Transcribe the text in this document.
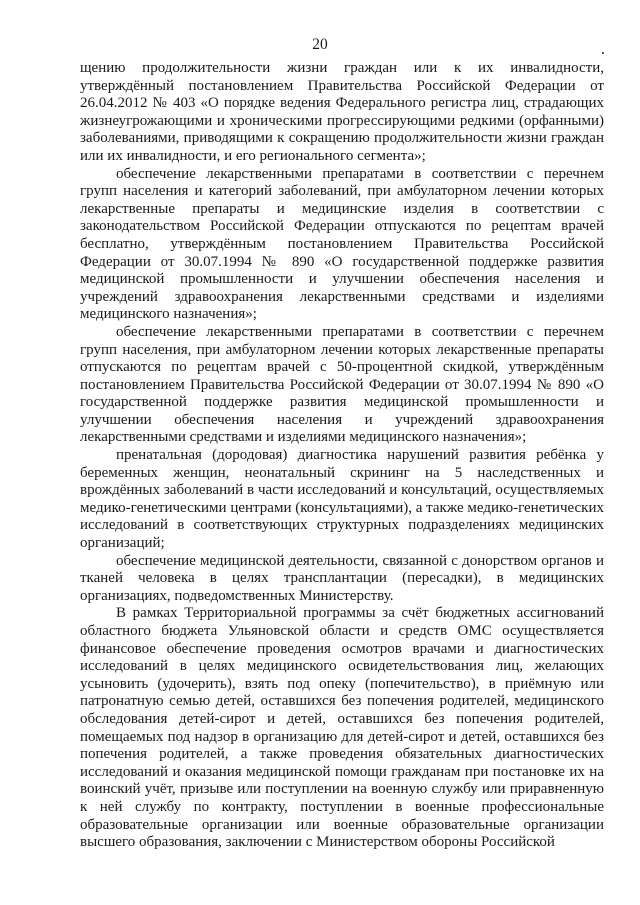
20

щению продолжительности жизни граждан или к их инвалидности, утверждённый постановлением Правительства Российской Федерации от 26.04.2012 № 403 «О порядке ведения Федерального регистра лиц, страдающих жизнеугрожающими и хроническими прогрессирующими редкими (орфанными) заболеваниями, приводящими к сокращению продолжительности жизни граждан или их инвалидности, и его регионального сегмента»;

обеспечение лекарственными препаратами в соответствии с перечнем групп населения и категорий заболеваний, при амбулаторном лечении которых лекарственные препараты и медицинские изделия в соответствии с законодательством Российской Федерации отпускаются по рецептам врачей бесплатно, утверждённым постановлением Правительства Российской Федерации от 30.07.1994 № 890 «О государственной поддержке развития медицинской промышленности и улучшении обеспечения населения и учреждений здравоохранения лекарственными средствами и изделиями медицинского назначения»;

обеспечение лекарственными препаратами в соответствии с перечнем групп населения, при амбулаторном лечении которых лекарственные препараты отпускаются по рецептам врачей с 50-процентной скидкой, утверждённым постановлением Правительства Российской Федерации от 30.07.1994 № 890 «О государственной поддержке развития медицинской промышленности и улучшении обеспечения населения и учреждений здравоохранения лекарственными средствами и изделиями медицинского назначения»;

пренатальная (дородовая) диагностика нарушений развития ребёнка у беременных женщин, неонатальный скрининг на 5 наследственных и врождённых заболеваний в части исследований и консультаций, осуществляемых медико-генетическими центрами (консультациями), а также медико-генетических исследований в соответствующих структурных подразделениях медицинских организаций;

обеспечение медицинской деятельности, связанной с донорством органов и тканей человека в целях трансплантации (пересадки), в медицинских организациях, подведомственных Министерству.

В рамках Территориальной программы за счёт бюджетных ассигнований областного бюджета Ульяновской области и средств ОМС осуществляется финансовое обеспечение проведения осмотров врачами и диагностических исследований в целях медицинского освидетельствования лиц, желающих усыновить (удочерить), взять под опеку (попечительство), в приёмную или патронатную семью детей, оставшихся без попечения родителей, медицинского обследования детей-сирот и детей, оставшихся без попечения родителей, помещаемых под надзор в организацию для детей-сирот и детей, оставшихся без попечения родителей, а также проведения обязательных диагностических исследований и оказания медицинской помощи гражданам при постановке их на воинский учёт, призыве или поступлении на военную службу или приравненную к ней службу по контракту, поступлении в военные профессиональные образовательные организации или военные образовательные организации высшего образования, заключении с Министерством обороны Российской
